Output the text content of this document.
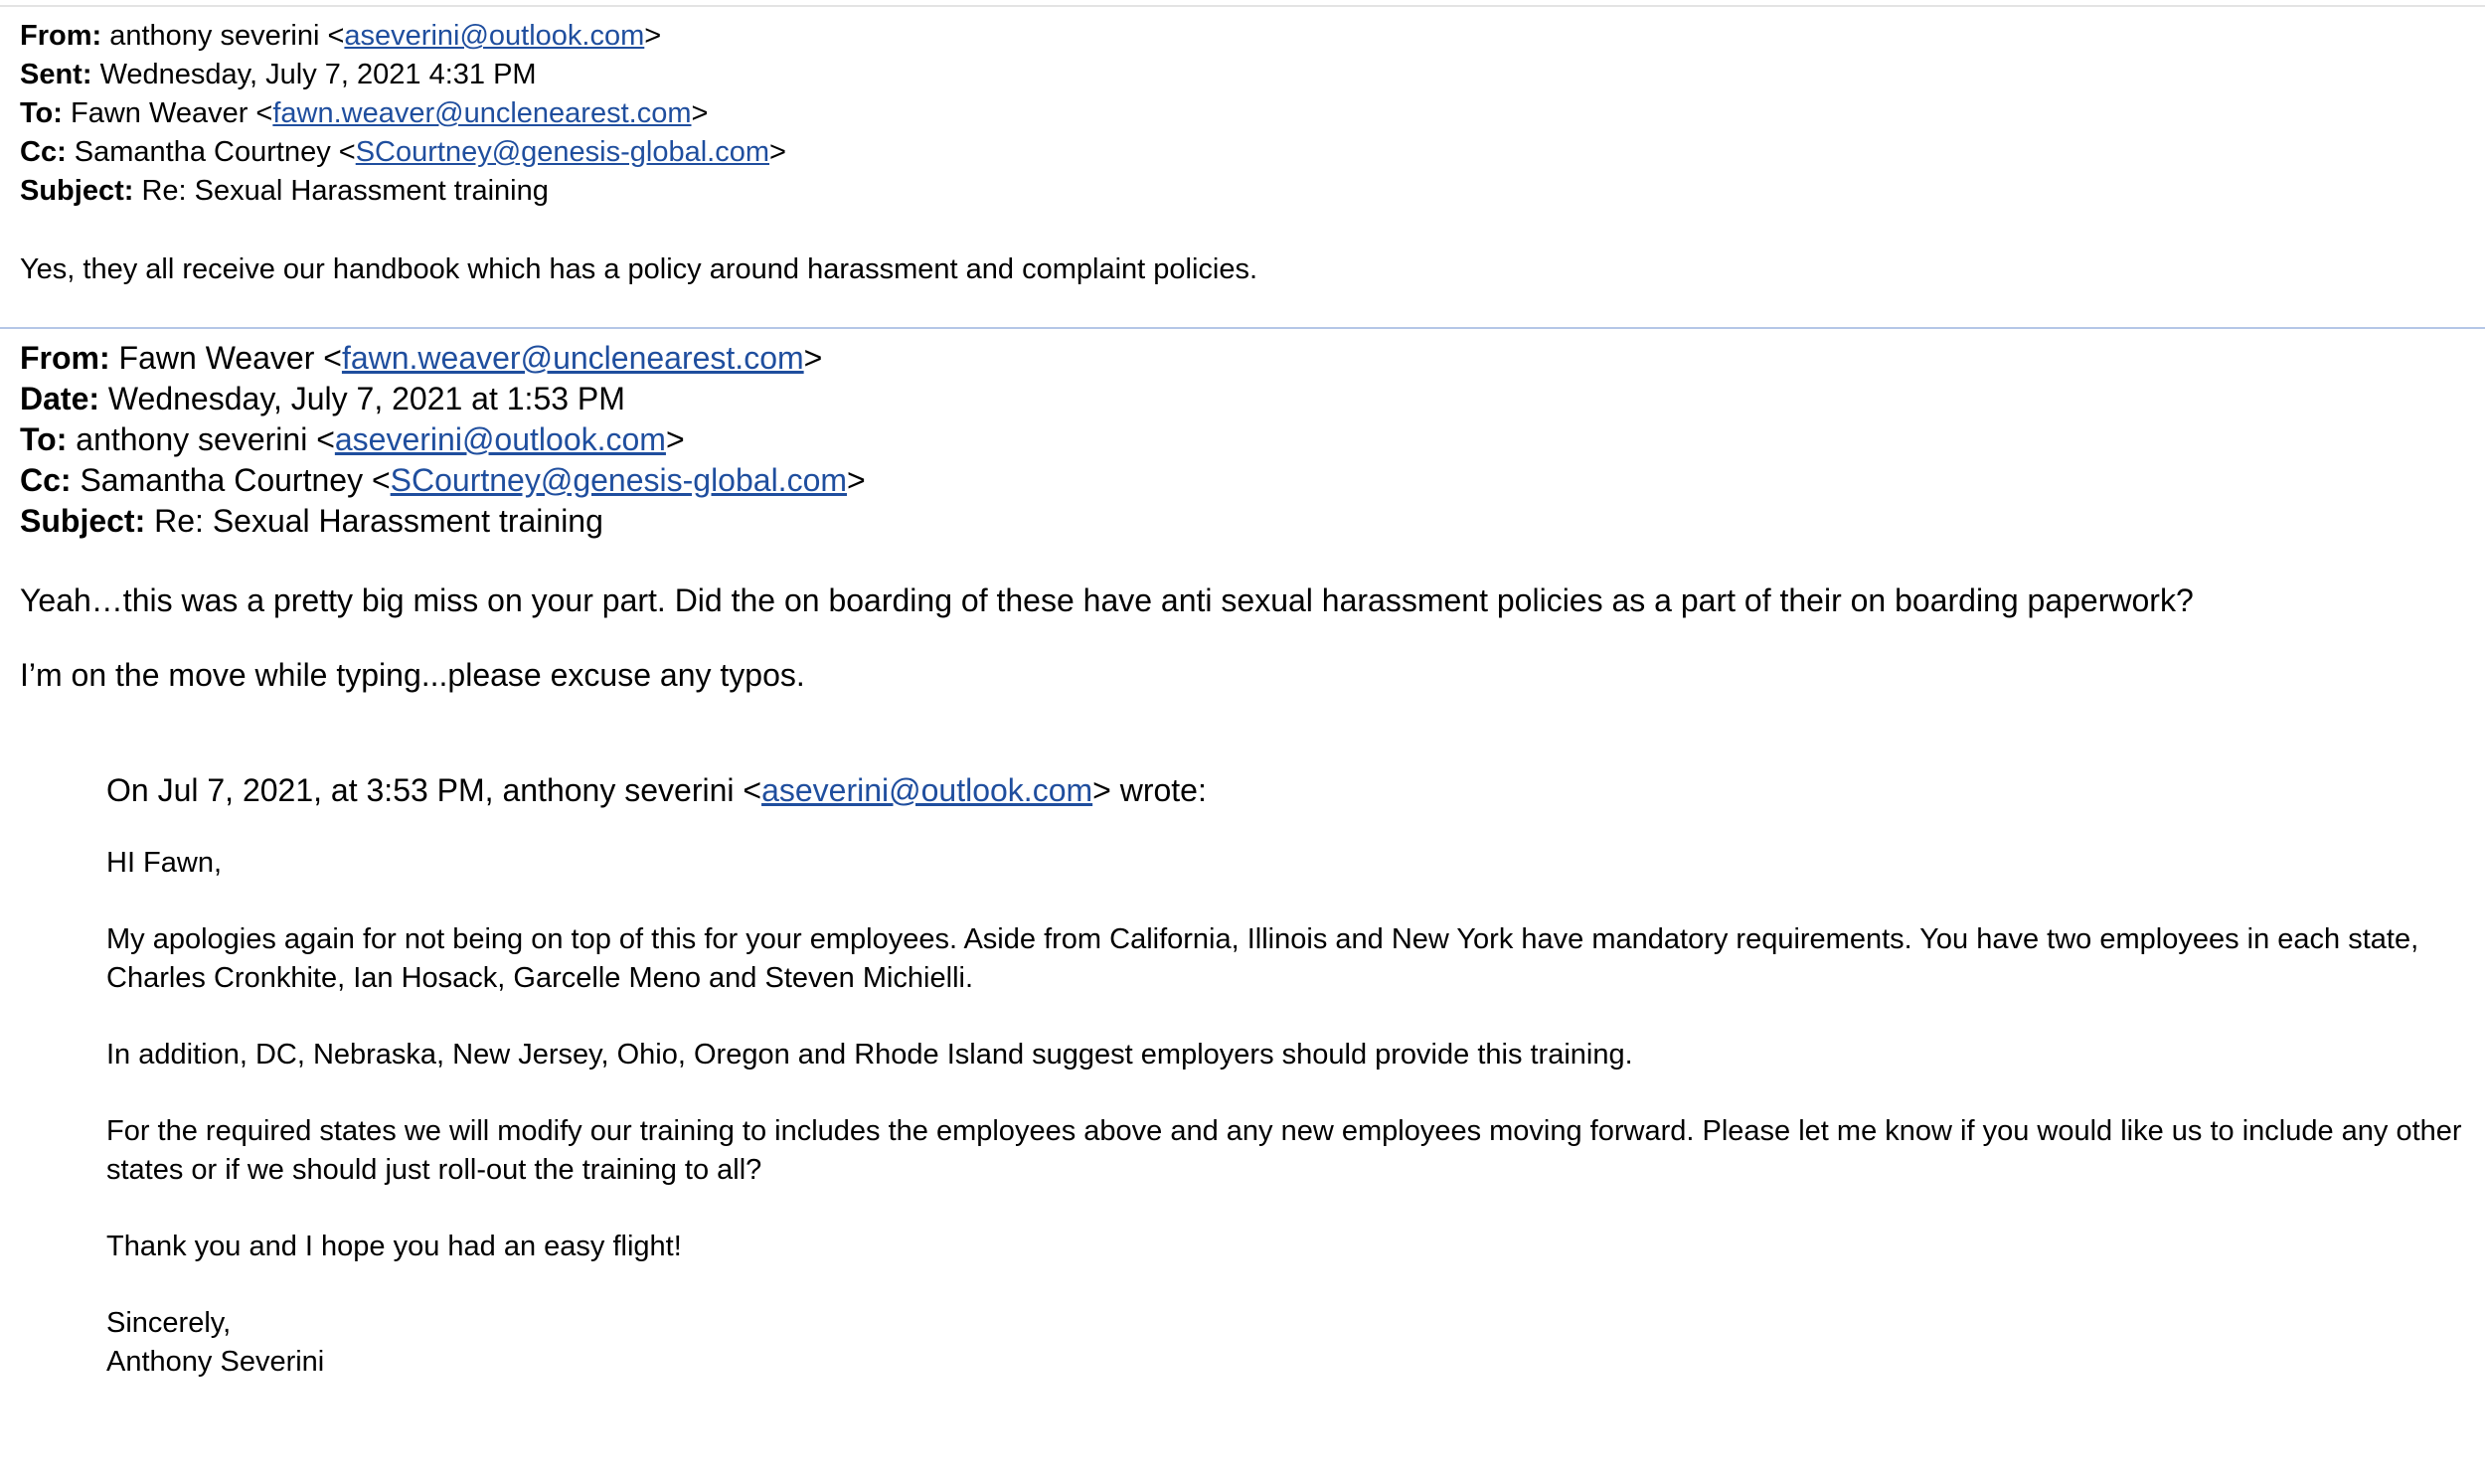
From: anthony severini <aseverini@outlook.com>
Sent: Wednesday, July 7, 2021 4:31 PM
To: Fawn Weaver <fawn.weaver@unclenearest.com>
Cc: Samantha Courtney <SCourtney@genesis-global.com>
Subject: Re: Sexual Harassment training
Yes, they all receive our handbook which has a policy around harassment and complaint policies.
From: Fawn Weaver <fawn.weaver@unclenearest.com>
Date: Wednesday, July 7, 2021 at 1:53 PM
To: anthony severini <aseverini@outlook.com>
Cc: Samantha Courtney <SCourtney@genesis-global.com>
Subject: Re: Sexual Harassment training
Yeah…this was a pretty big miss on your part. Did the on boarding of these have anti sexual harassment policies as a part of their on boarding paperwork?
I’m on the move while typing...please excuse any typos.

On Jul 7, 2021, at 3:53 PM, anthony severini <aseverini@outlook.com> wrote:

HI Fawn,

My apologies again for not being on top of this for your employees. Aside from California, Illinois and New York have mandatory requirements. You have two employees in each state, Charles Cronkhite, Ian Hosack, Garcelle Meno and Steven Michielli.

In addition, DC, Nebraska, New Jersey, Ohio, Oregon and Rhode Island suggest employers should provide this training.

For the required states we will modify our training to includes the employees above and any new employees moving forward. Please let me know if you would like us to include any other states or if we should just roll-out the training to all?

Thank you and I hope you had an easy flight!

Sincerely,

Anthony Severini
